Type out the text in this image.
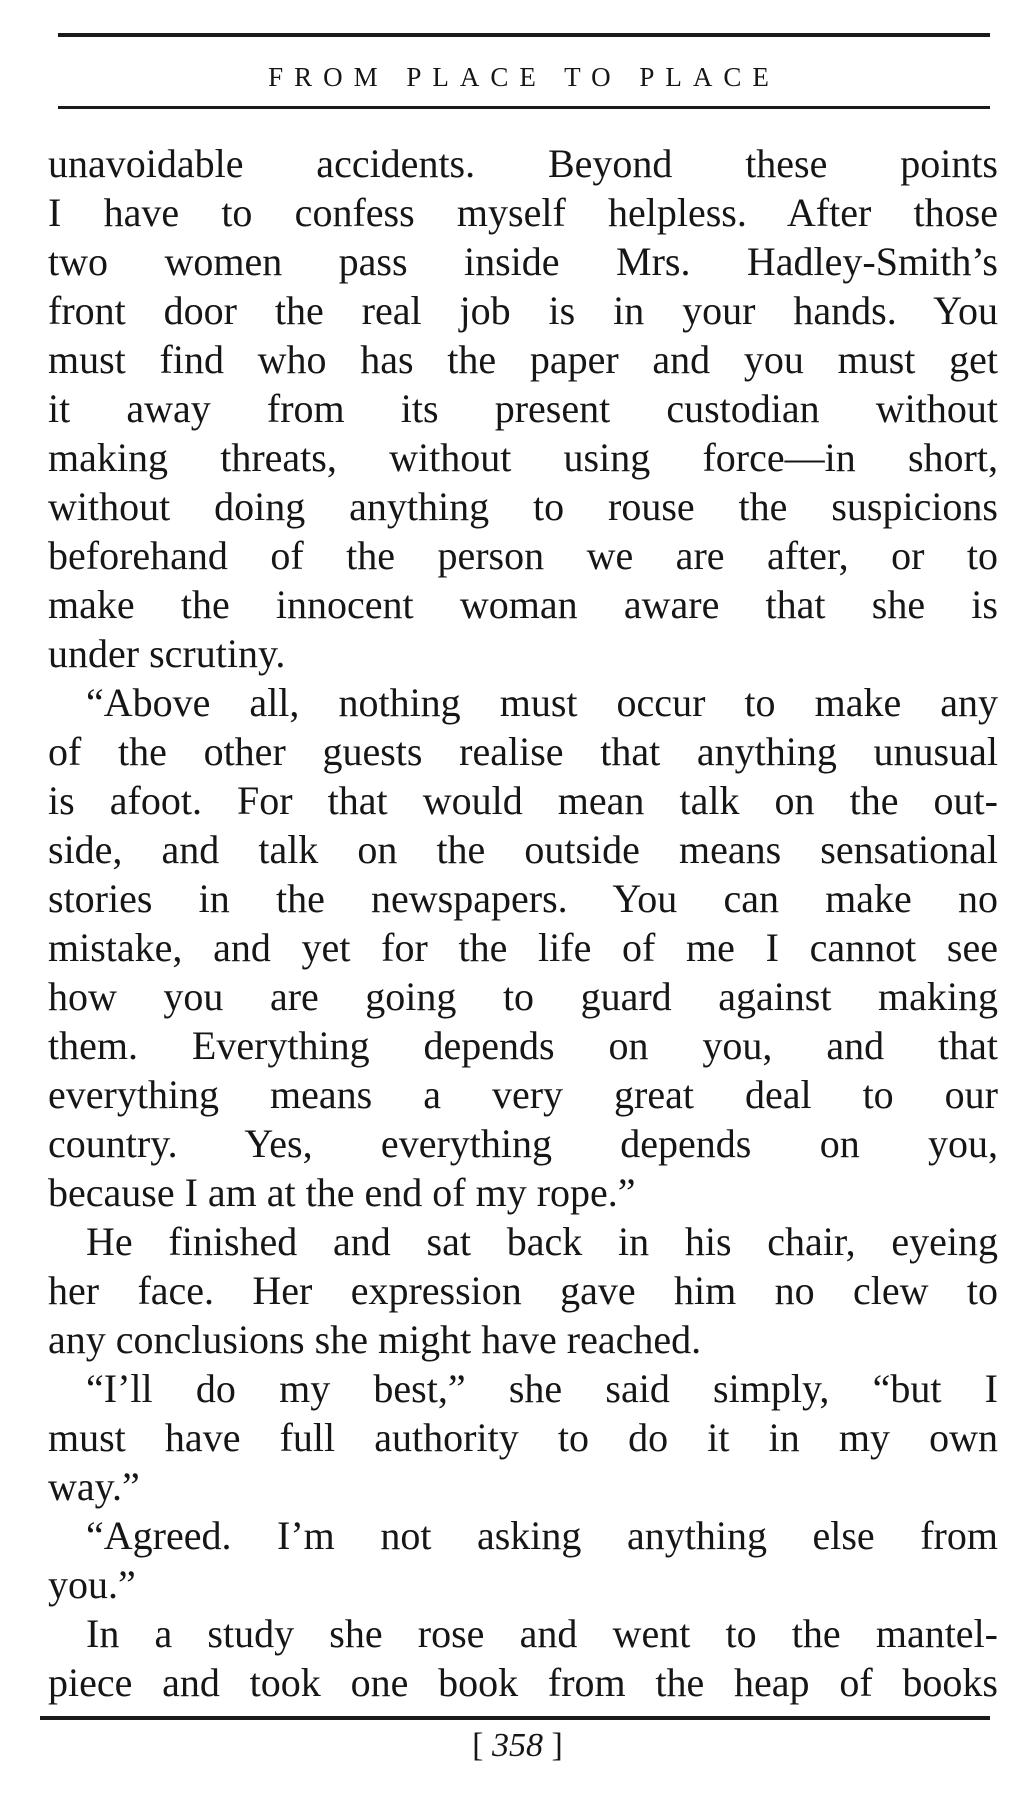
FROM PLACE TO PLACE
unavoidable accidents. Beyond these points
I have to confess myself helpless. After those
two women pass inside Mrs. Hadley-Smith’s
front door the real job is in your hands. You
must find who has the paper and you must get
it away from its present custodian without
making threats, without using force—in short,
without doing anything to rouse the suspicions
beforehand of the person we are after, or to
make the innocent woman aware that she is
under scrutiny.
“Above all, nothing must occur to make any
of the other guests realise that anything unusual
is afoot. For that would mean talk on the out-
side, and talk on the outside means sensational
stories in the newspapers. You can make no
mistake, and yet for the life of me I cannot see
how you are going to guard against making
them. Everything depends on you, and that
everything means a very great deal to our
country. Yes, everything depends on you,
because I am at the end of my rope.”
He finished and sat back in his chair, eyeing
her face. Her expression gave him no clew to
any conclusions she might have reached.
“I’ll do my best,” she said simply, “but I
must have full authority to do it in my own
way.”
“Agreed. I’m not asking anything else from
you.”
In a study she rose and went to the mantel-
piece and took one book from the heap of books
[ 358 ]
